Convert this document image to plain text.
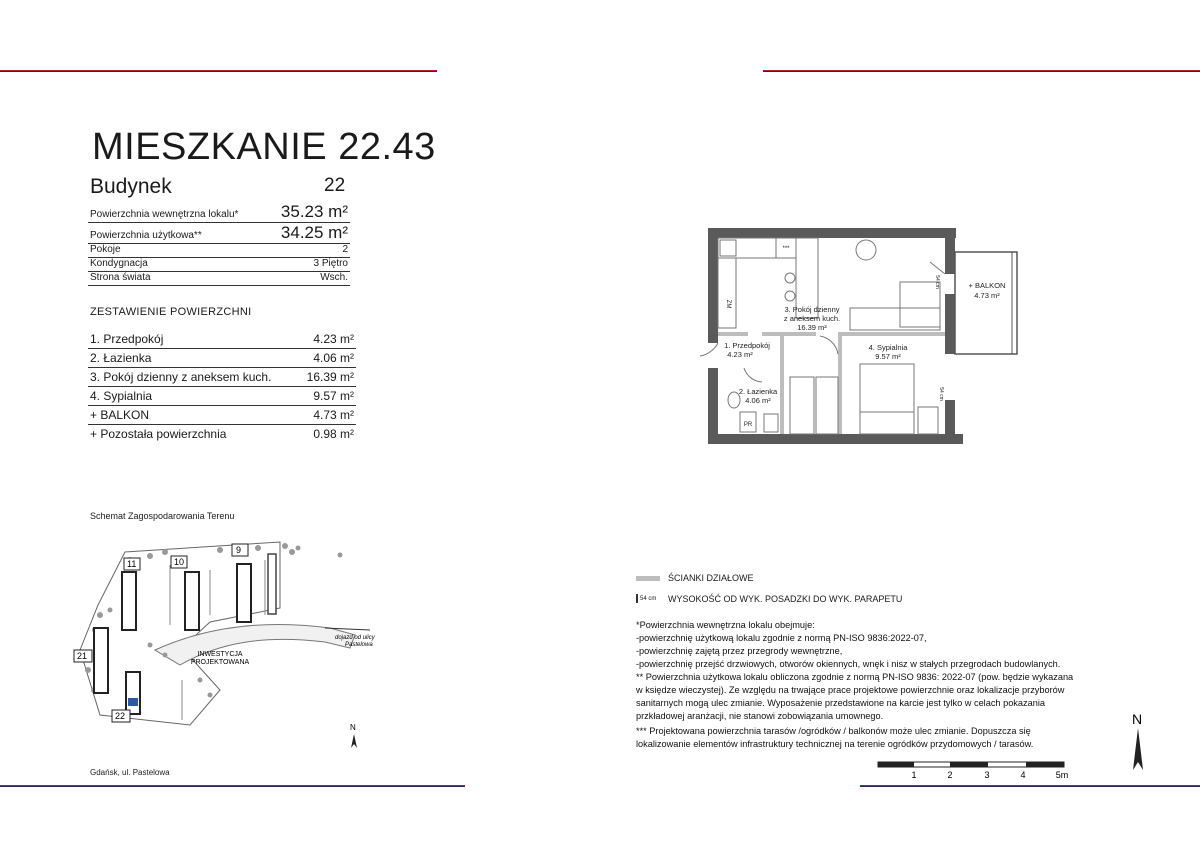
MIESZKANIE 22.43
Budynek	22
Powierzchnia wewnętrzna lokalu* 35.23 m²
Powierzchnia użytkowa**	34.25 m²
Pokoje	2
Kondygnacja	3 Piętro
Strona świata	Wsch.
ZESTAWIENIE POWIERZCHNI
1. Przedpokój	4.23 m²
2. Łazienka	4.06 m²
3. Pokój dzienny z aneksem kuch.	16.39 m²
4. Sypialnia	9.57 m²
+ BALKON	4.73 m²
+ Pozostała powierzchnia	0.98 m²
Schemat Zagospodarowania Terenu
11	10
9
21
22
INWESTYCJA
PROJEKTOWANA
dojazd od ulicy
Pastelowa
N
Gdańsk, ul. Pastelowa
+ BALKON
4.73 m²
3. Pokój dzienny
z aneksem kuch.
16.39 m²
1. Przedpokój
4.23 m²
4. Sypialnia
9.57 m²
2. Łazienka
4.06 m²
PR
***
ZM
54 cm
54 cm
ŚCIANKI DZIAŁOWE
54 cm WYSOKOŚĆ OD WYK. POSADZKI DO WYK. PARAPETU
*Powierzchnia wewnętrzna lokalu obejmuje:
-powierzchnię użytkową lokalu zgodnie z normą PN-ISO 9836:2022-07,
-powierzchnię zajętą przez przegrody wewnętrzne,
-powierzchnię przejść drzwiowych, otworów okiennych, wnęk i nisz w stałych przegrodach budowlanych.
** Powierzchnia użytkowa lokalu obliczona zgodnie z normą PN-ISO 9836: 2022-07 (pow. będzie wykazana
w księdze wieczystej). Ze względu na trwające prace projektowe powierzchnie oraz lokalizacje przyborów
sanitarnych mogą ulec zmianie. Wyposażenie przedstawione na karcie jest tylko w celach pokazania
przkładowej aranżacji, nie stanowi zobowiązania umownego.
*** Projektowana powierzchnia tarasów /ogródków / balkonów może ulec zmianie. Dopuszcza się
lokalizowanie elementów infrastruktury technicznej na terenie ogródków przydomowych / tarasów.
N
1	2	3	4	5m
